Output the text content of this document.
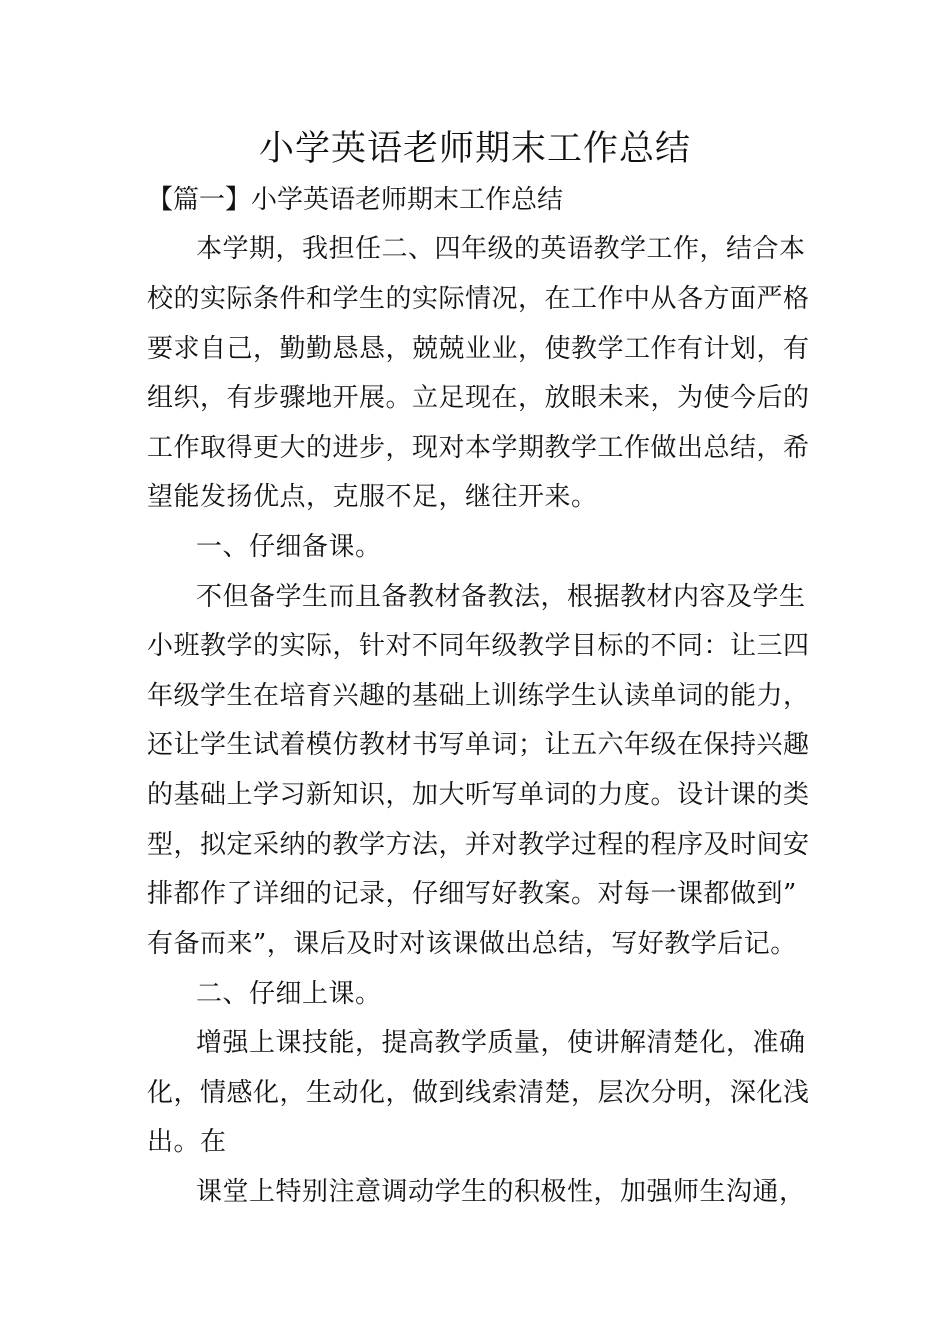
小学英语老师期末工作总结
【篇一】小学英语老师期末工作总结
本学期，我担任二、四年级的英语教学工作，结合本
校的实际条件和学生的实际情况，在工作中从各方面严格
要求自己，勤勤恳恳，兢兢业业，使教学工作有计划，有
组织，有步骤地开展。立足现在，放眼未来，为使今后的
工作取得更大的进步，现对本学期教学工作做出总结，希
望能发扬优点，克服不足，继往开来。
一、仔细备课。
不但备学生而且备教材备教法，根据教材内容及学生
小班教学的实际，针对不同年级教学目标的不同：让三四
年级学生在培育兴趣的基础上训练学生认读单词的能力，
还让学生试着模仿教材书写单词；让五六年级在保持兴趣
的基础上学习新知识，加大听写单词的力度。设计课的类
型，拟定采纳的教学方法，并对教学过程的程序及时间安
排都作了详细的记录，仔细写好教案。对每一课都做到”
有备而来”，课后及时对该课做出总结，写好教学后记。
二、仔细上课。
增强上课技能，提高教学质量，使讲解清楚化，准确
化，情感化，生动化，做到线索清楚，层次分明，深化浅
出。在
课堂上特别注意调动学生的积极性，加强师生沟通，
